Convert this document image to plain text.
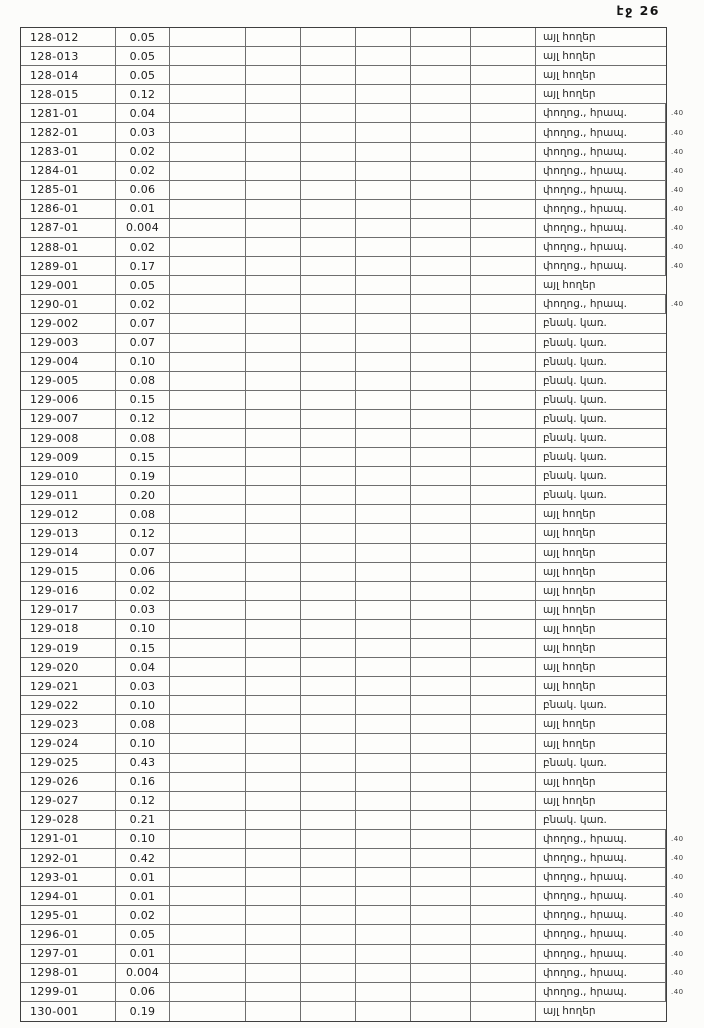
էջ 26
128-012	0.05	այլ հողեր
128-013	0.05	այլ հողեր
128-014	0.05	այլ հողեր
128-015	0.12	այլ հողեր
1281-01	0.04	փողոց., հրապ.	.40
1282-01	0.03	փողոց., հրապ.	.40
1283-01	0.02	փողոց., հրապ.	.40
1284-01	0.02	փողոց., հրապ.	.40
1285-01	0.06	փողոց., հրապ.	.40
1286-01	0.01	փողոց., հրապ.	.40
1287-01	0.004	փողոց., հրապ.	.40
1288-01	0.02	փողոց., հրապ.	.40
1289-01	0.17	փողոց., հրապ.	.40
129-001	0.05	այլ հողեր
1290-01	0.02	փողոց., հրապ.	.40
129-002	0.07	բնակ. կառ.
129-003	0.07	բնակ. կառ.
129-004	0.10	բնակ. կառ.
129-005	0.08	բնակ. կառ.
129-006	0.15	բնակ. կառ.
129-007	0.12	բնակ. կառ.
129-008	0.08	բնակ. կառ.
129-009	0.15	բնակ. կառ.
129-010	0.19	բնակ. կառ.
129-011	0.20	բնակ. կառ.
129-012	0.08	այլ հողեր
129-013	0.12	այլ հողեր
129-014	0.07	այլ հողեր
129-015	0.06	այլ հողեր
129-016	0.02	այլ հողեր
129-017	0.03	այլ հողեր
129-018	0.10	այլ հողեր
129-019	0.15	այլ հողեր
129-020	0.04	այլ հողեր
129-021	0.03	այլ հողեր
129-022	0.10	բնակ. կառ.
129-023	0.08	այլ հողեր
129-024	0.10	այլ հողեր
129-025	0.43	բնակ. կառ.
129-026	0.16	այլ հողեր
129-027	0.12	այլ հողեր
129-028	0.21	բնակ. կառ.
1291-01	0.10	փողոց., հրապ.	.40
1292-01	0.42	փողոց., հրապ.	.40
1293-01	0.01	փողոց., հրապ.	.40
1294-01	0.01	փողոց., հրապ.	.40
1295-01	0.02	փողոց., հրապ.	.40
1296-01	0.05	փողոց., հրապ.	.40
1297-01	0.01	փողոց., հրապ.	.40
1298-01	0.004	փողոց., հրապ.	.40
1299-01	0.06	փողոց., հրապ.	.40
130-001	0.19	այլ հողեր
